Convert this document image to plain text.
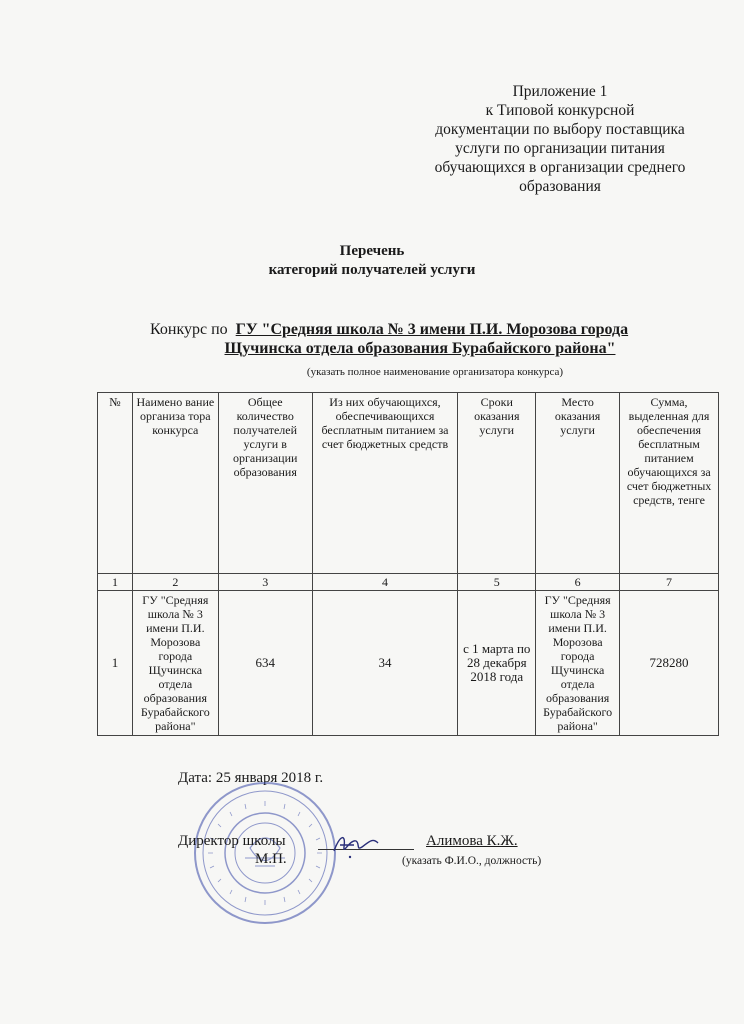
Приложение 1
к Типовой конкурсной
документации по выбору поставщика
услуги по организации питания
обучающихся в организации среднего
образования
Перечень
категорий получателей услуги
Конкурс по ГУ "Средняя школа № 3 имени П.И. Морозова города
Щучинска отдела образования Бурабайского района"
(указать полное наименование организатора конкурса)
№	Наимено вание организа тора конкурса	Общее количество получателей услуги в организации образования	Из них обучающихся, обеспечивающихся бесплатным питанием за счет бюджетных средств	Сроки оказания услуги	Место оказания услуги	Сумма, выделенная для обеспечения бесплатным питанием обучающихся за счет бюджетных средств, тенге
1	2	3	4	5	6	7
1	ГУ "Средняя школа № 3 имени П.И. Морозова города Щучинска отдела образования Бурабайского района"	634	34	с 1 марта по 28 декабря 2018 года	ГУ "Средняя школа № 3 имени П.И. Морозова города Щучинска отдела образования Бурабайского района"	728280
Дата: 25 января 2018 г.
Директор школы	Алимова К.Ж.
М.П.	(указать Ф.И.О., должность)
